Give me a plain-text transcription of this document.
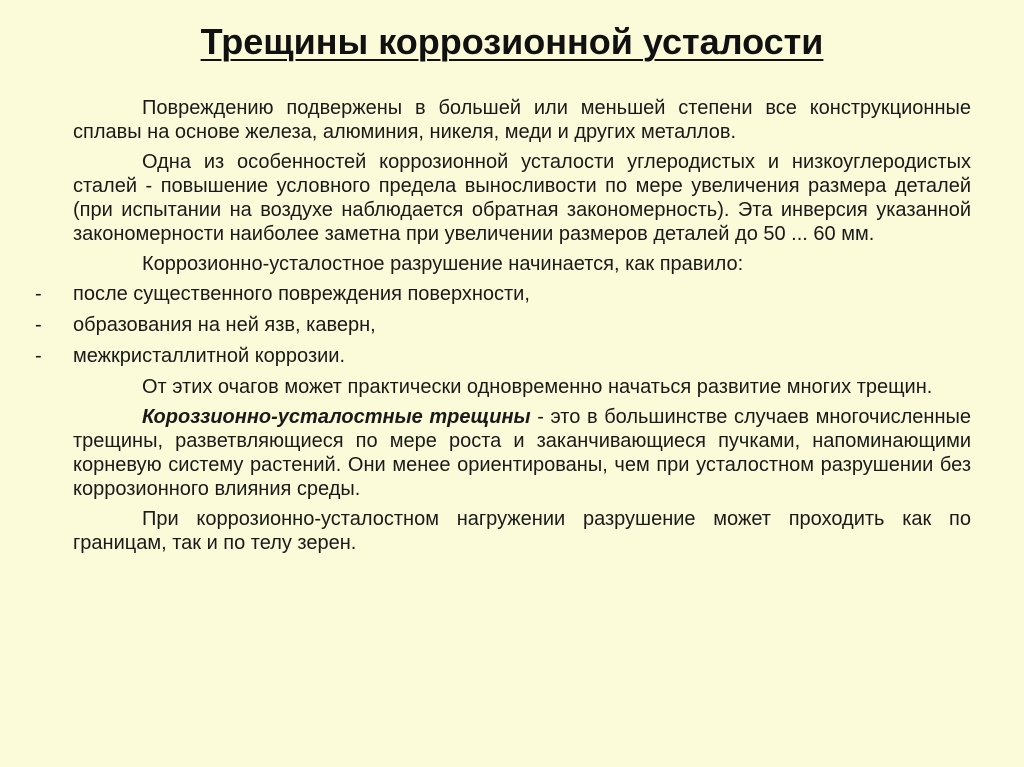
Трещины коррозионной усталости

Повреждению подвержены в большей или меньшей степени все конструкционные сплавы на основе железа, алюминия, никеля, меди и других металлов.

Одна из особенностей коррозионной усталости углеродистых и низкоуглеродистых сталей - повышение условного предела выносливости по мере увеличения размера деталей (при испытании на воздухе наблюдается обратная закономерность). Эта инверсия указанной закономерности наиболее заметна при увеличении размеров деталей до 50 ... 60 мм.

Коррозионно-усталостное разрушение начинается, как правило:

- после существенного повреждения поверхности,
- образования на ней язв, каверн,
- межкристаллитной коррозии.

От этих очагов может практически одновременно начаться развитие многих трещин.

Короззионно-усталостные трещины - это в большинстве случаев многочисленные трещины, разветвляющиеся по мере роста и заканчивающиеся пучками, напоминающими корневую систему растений. Они менее ориентированы, чем при усталостном разрушении без коррозионного влияния среды.

При коррозионно-усталостном нагружении разрушение может проходить как по границам, так и по телу зерен.
